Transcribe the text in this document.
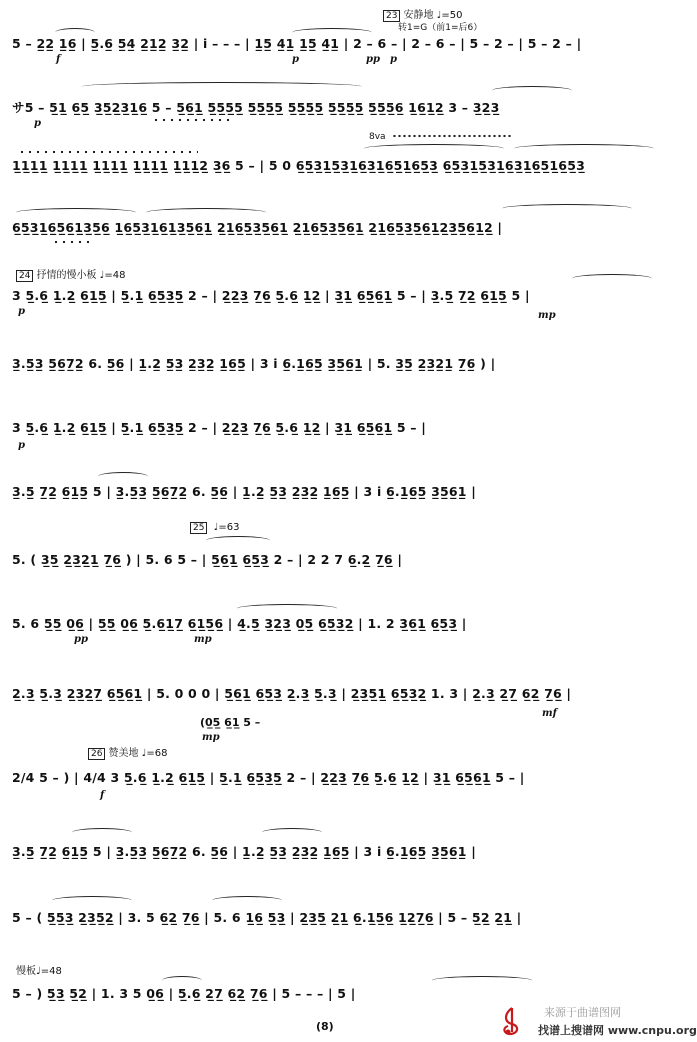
23 安静地 ♩=50
转1=G（前1=后6）
5 – 2̲2̲ 1̲6̲ | 5̲.6̲ 5̲4̲ 2̲1̲2̲ 3̲2̲ | i – – – | 1̲5̲ 4̲1̲ 1̲5̲ 4̲1̲ | 2 – 6 – | 2 – 6 – | 5 – 2 – | 5 – 2 – |
f	p	pp p
サ5 – 5̲1̲ 6̲5̲ 3̲5̲2̲3̲1̲6̲ 5 – 5̲6̲1̲ 5̲5̲5̲5̲ 5̲5̲5̲5̲ 5̲5̲5̲5̲ 5̲5̲5̲5̲ 5̲5̲5̲6̲ 1̲6̲1̲2̲ 3 – 3̲2̲3̲
p
8va
1̲1̲1̲1̲ 1̲1̲1̲1̲ 1̲1̲1̲1̲ 1̲1̲1̲1̲ 1̲1̲1̲2̲ 3̲6̲ 5 – | 5 0 6̲5̲3̲1̲5̲3̲1̲6̲3̲1̲6̲5̲1̲6̲5̲3̲ 6̲5̲3̲1̲5̲3̲1̲6̲3̲1̲6̲5̲1̲6̲5̲3̲
6̲5̲3̲1̲6̲5̲6̲1̲3̲5̲6̲ 1̲6̲5̲3̲1̲6̲1̲3̲5̲6̲1̲ 2̲1̲6̲5̲3̲5̲6̲1̲ 2̲1̲6̲5̲3̲5̲6̲1̲ 2̲1̲6̲5̲3̲5̲6̲1̲2̲3̲5̲6̲1̲2̲ |
24 抒情的慢小板 ♩=48
3 5̲.6̲ 1̲.2̲ 6̲1̲5̲ | 5̲.1̲ 6̲5̲3̲5̲ 2 – | 2̲2̲3̲ 7̲6̲ 5̲.6̲ 1̲2̲ | 3̲1̲ 6̲5̲6̲1̲ 5 – | 3̲.5̲ 7̲2̲ 6̲1̲5̲ 5 |
p	mp
3̲.5̲3̲ 5̲6̲7̲2̲ 6. 5̲6̲ | 1̲.2̲ 5̲3̲ 2̲3̲2̲ 1̲6̲5̲ | 3 i 6̲.1̲6̲5̲ 3̲5̲6̲1̲ | 5. 3̲5̲ 2̲3̲2̲1̲ 7̲6̲ ) |
3 5̲.6̲ 1̲.2̲ 6̲1̲5̲ | 5̲.1̲ 6̲5̲3̲5̲ 2 – | 2̲2̲3̲ 7̲6̲ 5̲.6̲ 1̲2̲ | 3̲1̲ 6̲5̲6̲1̲ 5 – |
p
3̲.5̲ 7̲2̲ 6̲1̲5̲ 5 | 3̲.5̲3̲ 5̲6̲7̲2̲ 6. 5̲6̲ | 1̲.2̲ 5̲3̲ 2̲3̲2̲ 1̲6̲5̲ | 3 i 6̲.1̲6̲5̲ 3̲5̲6̲1̲ |
25 ♩=63
5. ( 3̲5̲ 2̲3̲2̲1̲ 7̲6̲ ) | 5. 6 5 – | 5̲6̲1̲ 6̲5̲3̲ 2 – | 2 2 7 6̲.2̲ 7̲6̲ |
5. 6 5̲5̲ 0̲6̲ | 5̲5̲ 0̲6̲ 5̲.6̲1̲7̲ 6̲1̲5̲6̲ | 4̲.5̲ 3̲2̲3̲ 0̲5̲ 6̲5̲3̲2̲ | 1. 2 3̲6̲1̲ 6̲5̲3̲ |
pp	mp
2̲.3̲ 5̲.3̲ 2̲3̲2̲7̲ 6̲5̲6̲1̲ | 5. 0 0 0 | 5̲6̲1̲ 6̲5̲3̲ 2̲.3̲ 5̲.3̲ | 2̲3̲5̲1̲ 6̲5̲3̲2̲ 1. 3 | 2̲.3̲ 2̲7̲ 6̲2̲ 7̲6̲ |
(0̲5̲ 6̲1̲ 5 –
mp
mf
26 赞美地 ♩=68
2/4 5 – ) | 4/4 3 5̲.6̲ 1̲.2̲ 6̲1̲5̲ | 5̲.1̲ 6̲5̲3̲5̲ 2 – | 2̲2̲3̲ 7̲6̲ 5̲.6̲ 1̲2̲ | 3̲1̲ 6̲5̲6̲1̲ 5 – |
f
3̲.5̲ 7̲2̲ 6̲1̲5̲ 5 | 3̲.5̲3̲ 5̲6̲7̲2̲ 6. 5̲6̲ | 1̲.2̲ 5̲3̲ 2̲3̲2̲ 1̲6̲5̲ | 3 i 6̲.1̲6̲5̲ 3̲5̲6̲1̲ |
5 – ( 5̲5̲3̲ 2̲3̲5̲2̲ | 3. 5 6̲2̲ 7̲6̲ | 5. 6 1̲6̲ 5̲3̲ | 2̲3̲5̲ 2̲1̲ 6̲.1̲5̲6̲ 1̲2̲7̲6̲ | 5 – 5̲2̲ 2̲1̲ |
慢板♩=48
5 – ) 5̲3̲ 5̲2̲ | 1. 3 5 0̲6̲ | 5̲.6̲ 2̲7̲ 6̲2̲ 7̲6̲ | 5 – – – | 5 |
(8)
来源于曲谱图网
找谱上搜谱网 www.cnpu.org
